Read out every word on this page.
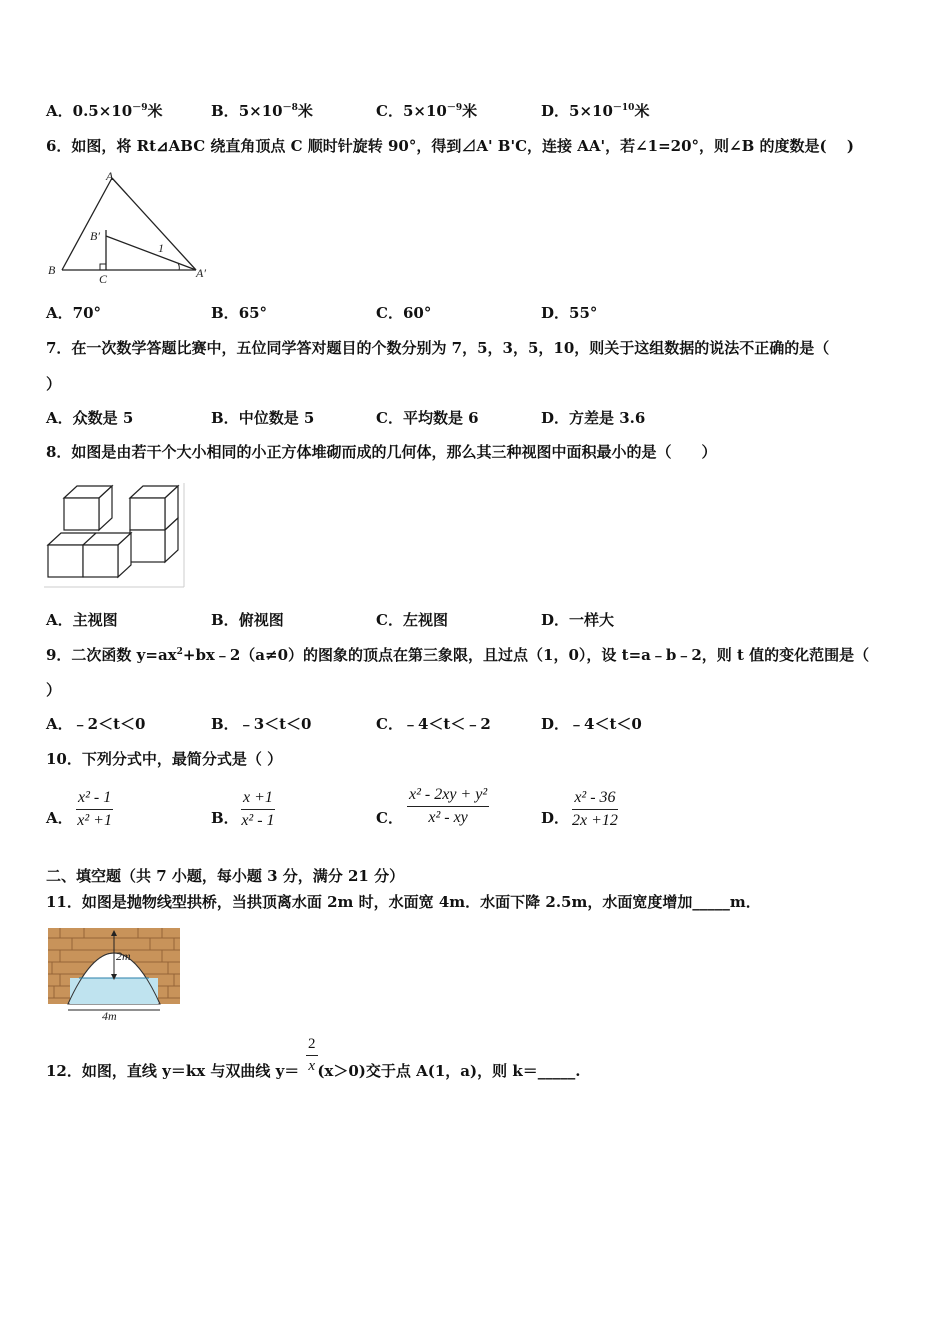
A．$0.5\times 10^{-9}$米	B．$5\times 10^{-8}$米	C．$5\times 10^{-9}$米	D．$5\times 10^{-10}$米
6．如图，将 Rt⊿ABC 绕直角顶点 C 顺时针旋转 90°，得到⊿A' B'C，连接 AA'，若∠1=20°，则∠B 的度数是(　 )
A
B
C
B′
A′
1
A．70°	B．65°	C．60°	D．55°
7．在一次数学答题比赛中，五位同学答对题目的个数分别为 7，5，3，5，10，则关于这组数据的说法不正确的是（
）
A．众数是 5	B．中位数是 5	C．平均数是 6	D．方差是 3.6
8．如图是由若干个大小相同的小正方体堆砌而成的几何体，那么其三种视图中面积最小的是（　　）
A．主视图	B．俯视图	C．左视图	D．一样大
9．二次函数 $y=ax^2+bx﹣2(a\ne 0)$的图象的顶点在第三象限，且过点（1，0），设 t=a﹣b﹣2，则 t 值的变化范围是（
）
A．﹣2＜t＜0	B．﹣3＜t＜0	C．﹣4＜t＜﹣2	D．﹣4＜t＜0
10．下列分式中，最简分式是（ ）
A． $\frac{\text{x² - 1}}{\text{x² +1}}$	B． $\frac{x +1}{\text{x² - 1}}$	C． $\frac{\text{x² - 2xy + y²}}{\text{x² - xy}}$	D． $\frac{\text{x² - 36}}{2x +12}$
二、填空题（共 7 小题，每小题 3 分，满分 21 分）
11．如图是抛物线型拱桥，当拱顶离水面 2m 时，水面宽 4m．水面下降 2.5m，水面宽度增加_____m．
2m
4m
12．如图，直线 y＝kx 与双曲线 y＝ (x＞0)交于点 A(1，a)，则 k＝_____.
$\frac{2}{x}$
